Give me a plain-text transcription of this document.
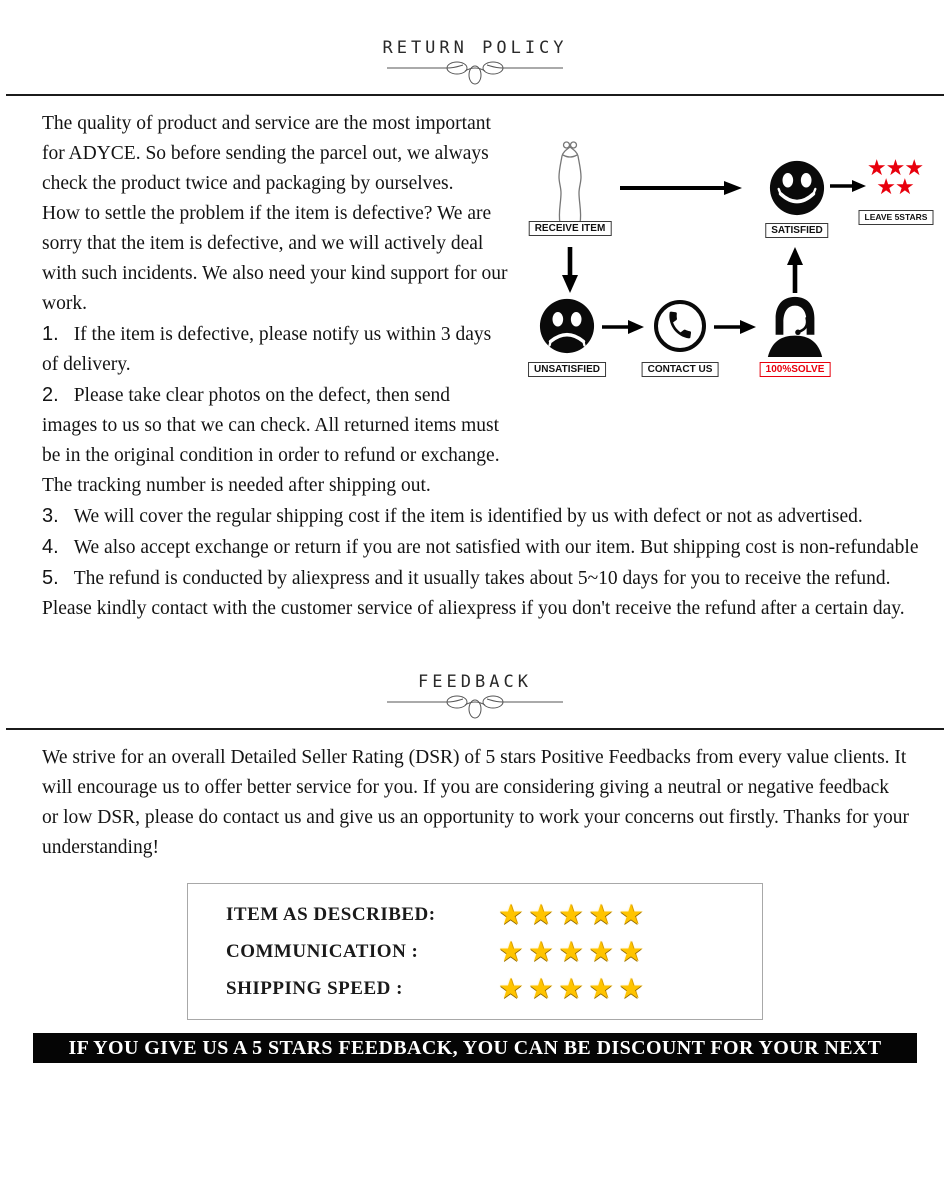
RETURN POLICY
RECEIVE ITEM	SATISFIED
★★★
★★
LEAVE 5STARS
UNSATISFIED	CONTACT US	100%SOLVE

The quality of product and service are the most important for ADYCE. So before sending the parcel out, we always check the product twice and packaging by ourselves.

How to settle the problem if the item is defective? We are sorry that the item is defective, and we will actively deal with such incidents. We also need your kind support for our work.

1. If the item is defective, please notify us within 3 days of delivery.

2. Please take clear photos on the defect, then send images to us so that we can check. All returned items must be in the original condition in order to refund or exchange. The tracking number is needed after shipping out.

3. We will cover the regular shipping cost if the item is identified by us with defect or not as advertised.

4. We also accept exchange or return if you are not satisfied with our item. But shipping cost is non-refundable

5. The refund is conducted by aliexpress and it usually takes about 5~10 days for you to receive the refund. Please kindly contact with the customer service of aliexpress if you don't receive the refund after a certain day.

FEEDBACK

We strive for an overall Detailed Seller Rating (DSR) of 5 stars Positive Feedbacks from every value clients. It will encourage us to offer better service for you. If you are considering giving a neutral or negative feedback or low DSR, please do contact us and give us an opportunity to work your concerns out firstly. Thanks for your understanding!

ITEM AS DESCRIBED:	★★★★★
COMMUNICATION :	★★★★★
SHIPPING SPEED :	★★★★★
IF YOU GIVE US A 5 STARS FEEDBACK, YOU CAN BE DISCOUNT FOR YOUR NEXT ORDER
